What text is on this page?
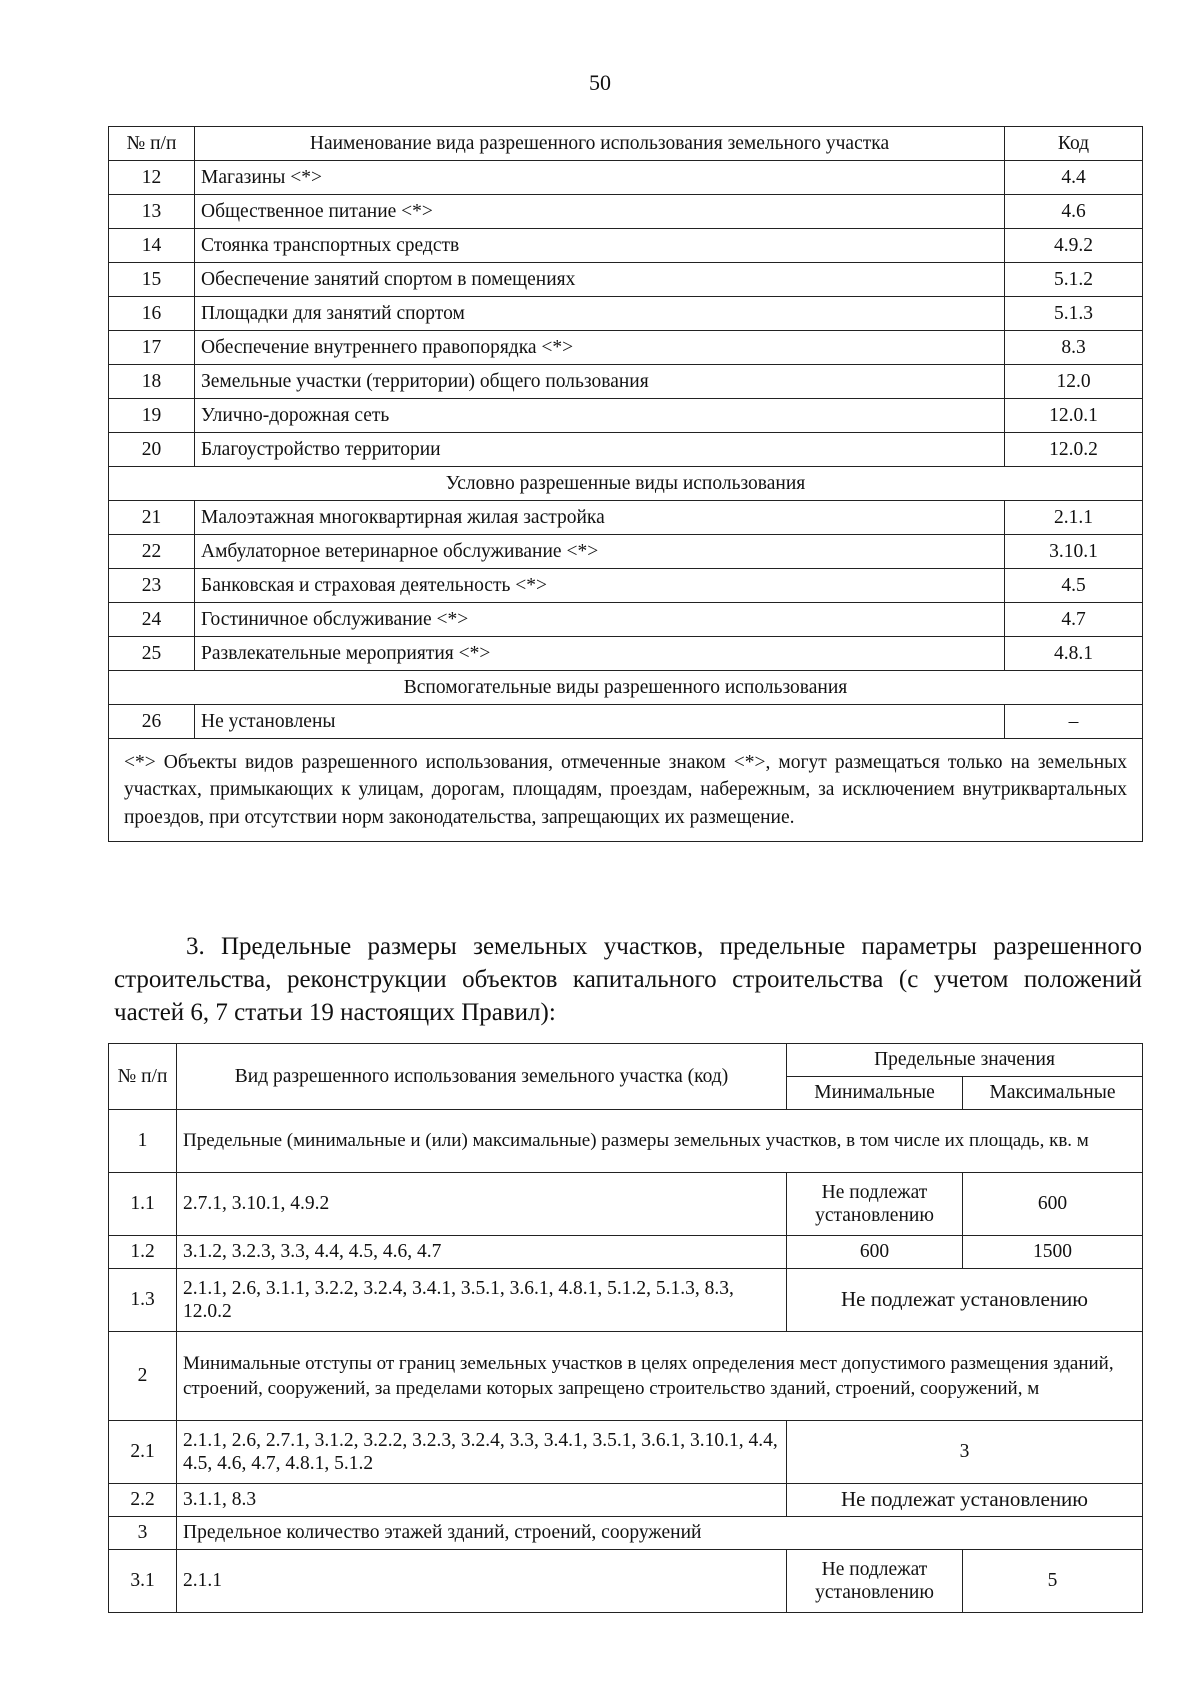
50
№ п/п	Наименование вида разрешенного использования земельного участка	Код
12	Магазины <*>	4.4
13	Общественное питание <*>	4.6
14	Стоянка транспортных средств	4.9.2
15	Обеспечение занятий спортом в помещениях	5.1.2
16	Площадки для занятий спортом	5.1.3
17	Обеспечение внутреннего правопорядка <*>	8.3
18	Земельные участки (территории) общего пользования	12.0
19	Улично-дорожная сеть	12.0.1
20	Благоустройство территории	12.0.2
Условно разрешенные виды использования		
21	Малоэтажная многоквартирная жилая застройка	2.1.1
22	Амбулаторное ветеринарное обслуживание <*>	3.10.1
23	Банковская и страховая деятельность <*>	4.5
24	Гостиничное обслуживание <*>	4.7
25	Развлекательные мероприятия <*>	4.8.1
Вспомогательные виды разрешенного использования		
26	Не установлены	–
<*> Объекты видов разрешенного использования, отмеченные знаком <*>, могут размещаться только на земельных участках, примыкающих к улицам, дорогам, площадям, проездам, набережным, за исключением внутриквартальных проездов, при отсутствии норм законодательства, запрещающих их размещение.		
3. Предельные размеры земельных участков, предельные параметры разрешенного строительства, реконструкции объектов капитального строительства (с учетом положений частей 6, 7 статьи 19 настоящих Правил):
№ п/п	Вид разрешенного использования земельного участка (код)	Предельные значения	
		Минимальные	Максимальные
1	Предельные (минимальные и (или) максимальные) размеры земельных участков, в том числе их площадь, кв. м		
1.1	2.7.1, 3.10.1, 4.9.2	Не подлежат установлению	600
1.2	3.1.2, 3.2.3, 3.3, 4.4, 4.5, 4.6, 4.7	600	1500
1.3	2.1.1, 2.6, 3.1.1, 3.2.2, 3.2.4, 3.4.1, 3.5.1, 3.6.1, 4.8.1, 5.1.2, 5.1.3, 8.3, 12.0.2	Не подлежат установлению	
2	Минимальные отступы от границ земельных участков в целях определения мест допустимого размещения зданий, строений, сооружений, за пределами которых запрещено строительство зданий, строений, сооружений, м		
2.1	2.1.1, 2.6, 2.7.1, 3.1.2, 3.2.2, 3.2.3, 3.2.4, 3.3, 3.4.1, 3.5.1, 3.6.1, 3.10.1, 4.4, 4.5, 4.6, 4.7, 4.8.1, 5.1.2	3	
2.2	3.1.1, 8.3	Не подлежат установлению	
3	Предельное количество этажей зданий, строений, сооружений		
3.1	2.1.1	Не подлежат установлению	5
